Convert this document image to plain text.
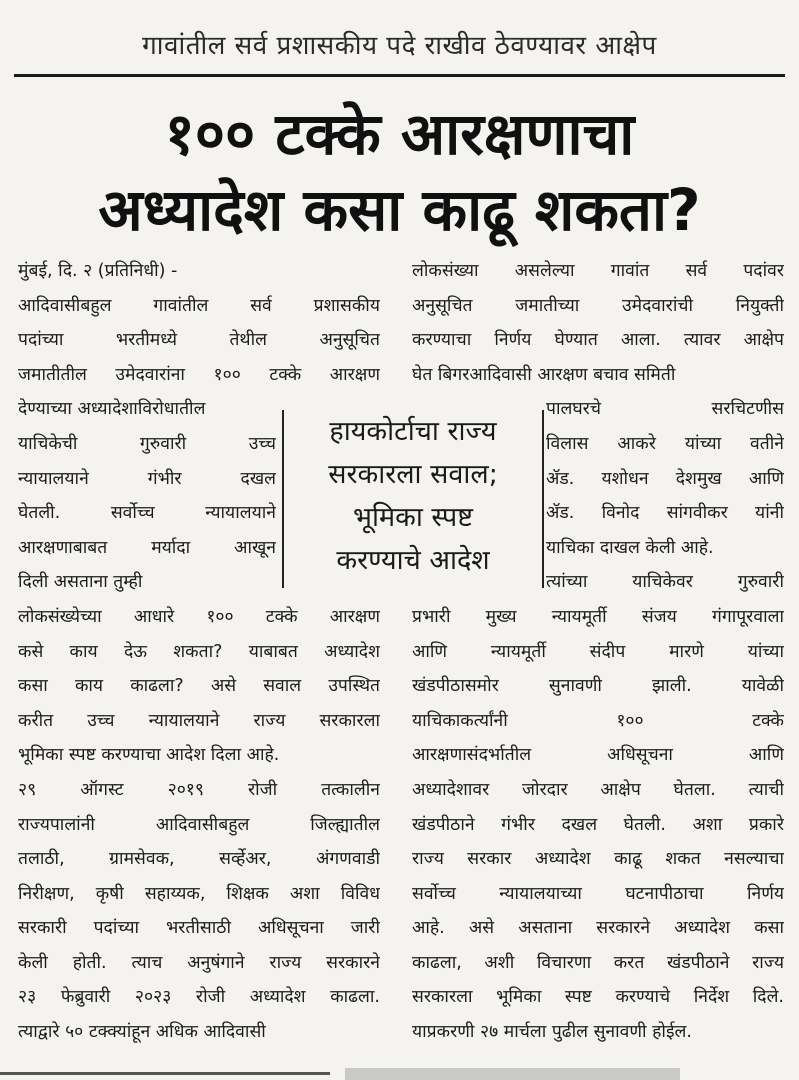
गावांतील सर्व प्रशासकीय पदे राखीव ठेवण्यावर आक्षेप
१०० टक्के आरक्षणाचा
अध्यादेश कसा काढू शकता?
मुंबई, दि. २ (प्रतिनिधी) -
आदिवासीबहुल गावांतील सर्व प्रशासकीय
पदांच्या भरतीमध्ये तेथील अनुसूचित
जमातीतील उमेदवारांना १०० टक्के आरक्षण
देण्याच्या अध्यादेशाविरोधातील
याचिकेची गुरुवारी उच्च
न्यायालयाने गंभीर दखल
घेतली. सर्वोच्च न्यायालयाने
आरक्षणाबाबत मर्यादा आखून
दिली असताना तुम्ही
लोकसंख्येच्या आधारे १०० टक्के आरक्षण
कसे काय देऊ शकता? याबाबत अध्यादेश
कसा काय काढला? असे सवाल उपस्थित
करीत उच्च न्यायालयाने राज्य सरकारला
भूमिका स्पष्ट करण्याचा आदेश दिला आहे.
२९ ऑगस्ट २०१९ रोजी तत्कालीन
राज्यपालांनी आदिवासीबहुल जिल्ह्यातील
तलाठी, ग्रामसेवक, सर्व्हेअर, अंगणवाडी
निरीक्षण, कृषी सहाय्यक, शिक्षक अशा विविध
सरकारी पदांच्या भरतीसाठी अधिसूचना जारी
केली होती. त्याच अनुषंगाने राज्य सरकारने
२३ फेब्रुवारी २०२३ रोजी अध्यादेश काढला.
त्याद्वारे ५० टक्क्यांहून अधिक आदिवासी
लोकसंख्या असलेल्या गावांत सर्व पदांवर
अनुसूचित जमातीच्या उमेदवारांची नियुक्ती
करण्याचा निर्णय घेण्यात आला. त्यावर आक्षेप
घेत बिगरआदिवासी आरक्षण बचाव समिती
पालघरचे सरचिटणीस
विलास आकरे यांच्या वतीने
ॲड. यशोधन देशमुख आणि
ॲड. विनोद सांगवीकर यांनी
याचिका दाखल केली आहे.
त्यांच्या याचिकेवर गुरुवारी
प्रभारी मुख्य न्यायमूर्ती संजय गंगापूरवाला
आणि न्यायमूर्ती संदीप मारणे यांच्या
खंडपीठासमोर सुनावणी झाली. यावेळी
याचिकाकर्त्यांनी १०० टक्के
आरक्षणासंदर्भातील अधिसूचना आणि
अध्यादेशावर जोरदार आक्षेप घेतला. त्याची
खंडपीठाने गंभीर दखल घेतली. अशा प्रकारे
राज्य सरकार अध्यादेश काढू शकत नसल्याचा
सर्वोच्च न्यायालयाच्या घटनापीठाचा निर्णय
आहे. असे असताना सरकारने अध्यादेश कसा
काढला, अशी विचारणा करत खंडपीठाने राज्य
सरकारला भूमिका स्पष्ट करण्याचे निर्देश दिले.
याप्रकरणी २७ मार्चला पुढील सुनावणी होईल.
हायकोर्टाचा राज्य
सरकारला सवाल;
भूमिका स्पष्ट
करण्याचे आदेश
